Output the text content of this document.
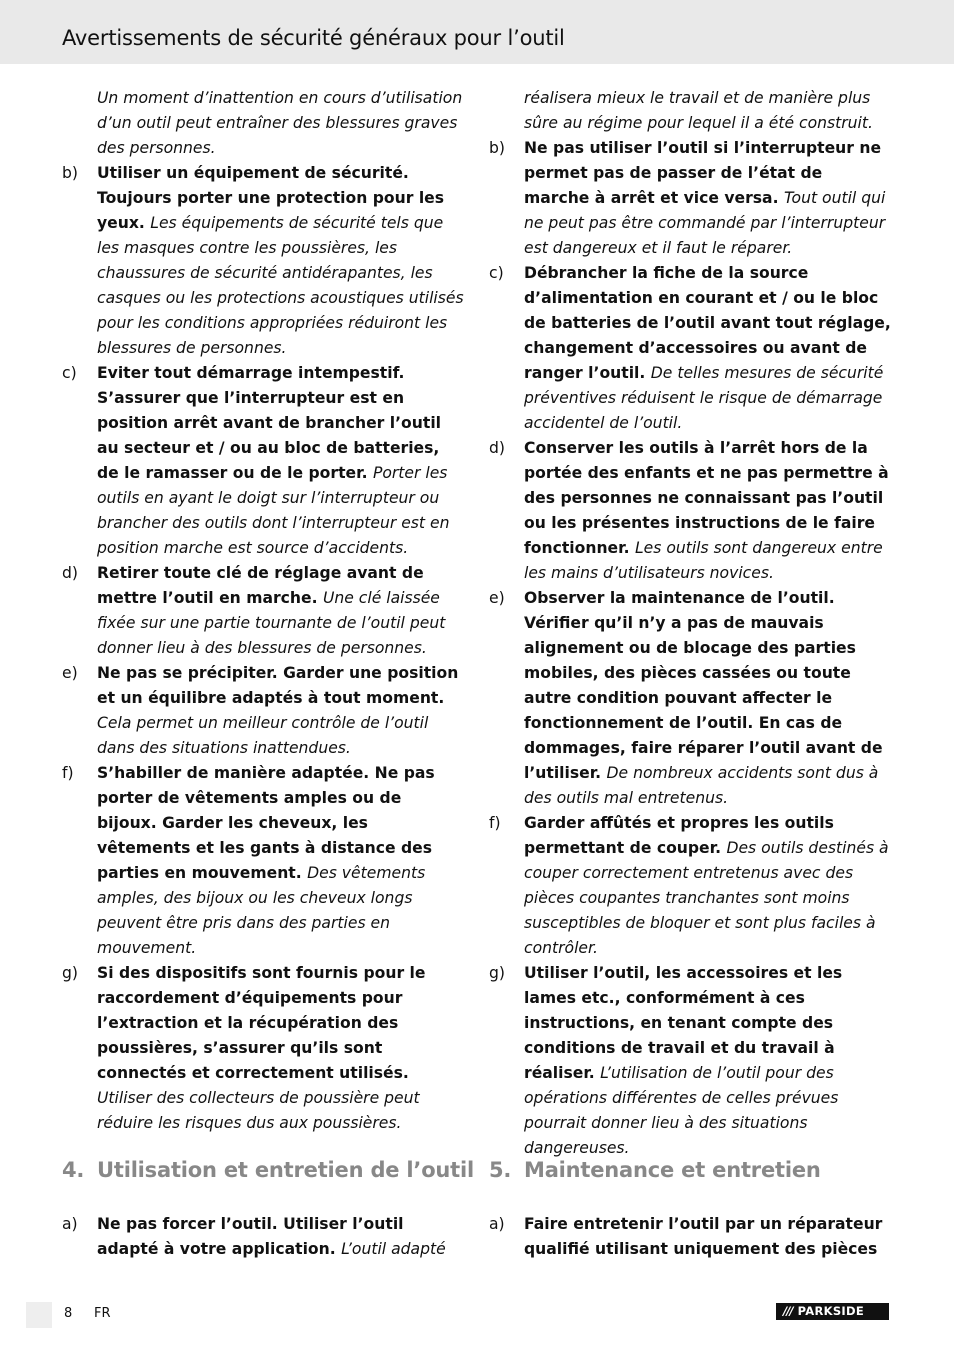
Avertissements de sécurité généraux pour l’outil

Un moment d’inattention en cours d’utilisation d’un outil peut entraîner des blessures graves des personnes.

b) Utiliser un équipement de sécurité. Toujours porter une protection pour les yeux. Les équipements de sécurité tels que les masques contre les poussières, les chaussures de sécurité antidérapantes, les casques ou les protections acoustiques utilisés pour les conditions appropriées réduiront les blessures de personnes.
c) Eviter tout démarrage intempestif. S’assurer que l’interrupteur est en position arrêt avant de brancher l’outil au secteur et / ou au bloc de batteries, de le ramasser ou de le porter. Porter les outils en ayant le doigt sur l’interrupteur ou brancher des outils dont l’interrupteur est en position marche est source d’accidents.
d) Retirer toute clé de réglage avant de mettre l’outil en marche. Une clé laissée fixée sur une partie tournante de l’outil peut donner lieu à des blessures de personnes.
e) Ne pas se précipiter. Garder une position et un équilibre adaptés à tout moment. Cela permet un meilleur contrôle de l’outil dans des situations inattendues.
f) S’habiller de manière adaptée. Ne pas porter de vêtements amples ou de bijoux. Garder les cheveux, les vêtements et les gants à distance des parties en mouvement. Des vêtements amples, des bijoux ou les cheveux longs peuvent être pris dans des parties en mouvement.
g) Si des dispositifs sont fournis pour le raccordement d’équipements pour l’extraction et la récupération des poussières, s’assurer qu’ils sont connectés et correctement utilisés. Utiliser des collecteurs de poussière peut réduire les risques dus aux poussières.

réalisera mieux le travail et de manière plus sûre au régime pour lequel il a été construit.

b) Ne pas utiliser l’outil si l’interrupteur ne permet pas de passer de l’état de marche à arrêt et vice versa. Tout outil qui ne peut pas être commandé par l’interrupteur est dangereux et il faut le réparer.
c) Débrancher la fiche de la source d’alimentation en courant et / ou le bloc de batteries de l’outil avant tout réglage, changement d’accessoires ou avant de ranger l’outil. De telles mesures de sécurité préventives réduisent le risque de démarrage accidentel de l’outil.
d) Conserver les outils à l’arrêt hors de la portée des enfants et ne pas permettre à des personnes ne connaissant pas l’outil ou les présentes instructions de le faire fonctionner. Les outils sont dangereux entre les mains d’utilisateurs novices.
e) Observer la maintenance de l’outil. Vérifier qu’il n’y a pas de mauvais alignement ou de blocage des parties mobiles, des pièces cassées ou toute autre condition pouvant affecter le fonctionnement de l’outil. En cas de dommages, faire réparer l’outil avant de l’utiliser. De nombreux accidents sont dus à des outils mal entretenus.
f) Garder affûtés et propres les outils permettant de couper. Des outils destinés à couper correctement entretenus avec des pièces coupantes tranchantes sont moins susceptibles de bloquer et sont plus faciles à contrôler.
g) Utiliser l’outil, les accessoires et les lames etc., conformément à ces instructions, en tenant compte des conditions de travail et du travail à réaliser. L’utilisation de l’outil pour des opérations différentes de celles prévues pourrait donner lieu à des situations dangereuses.
4. Utilisation et entretien de l’outil 5. Maintenance et entretien
a) Ne pas forcer l’outil. Utiliser l’outil adapté à votre application. L’outil adapté
a) Faire entretenir l’outil par un réparateur qualifié utilisant uniquement des pièces
8 FR	/// PARKSIDE
